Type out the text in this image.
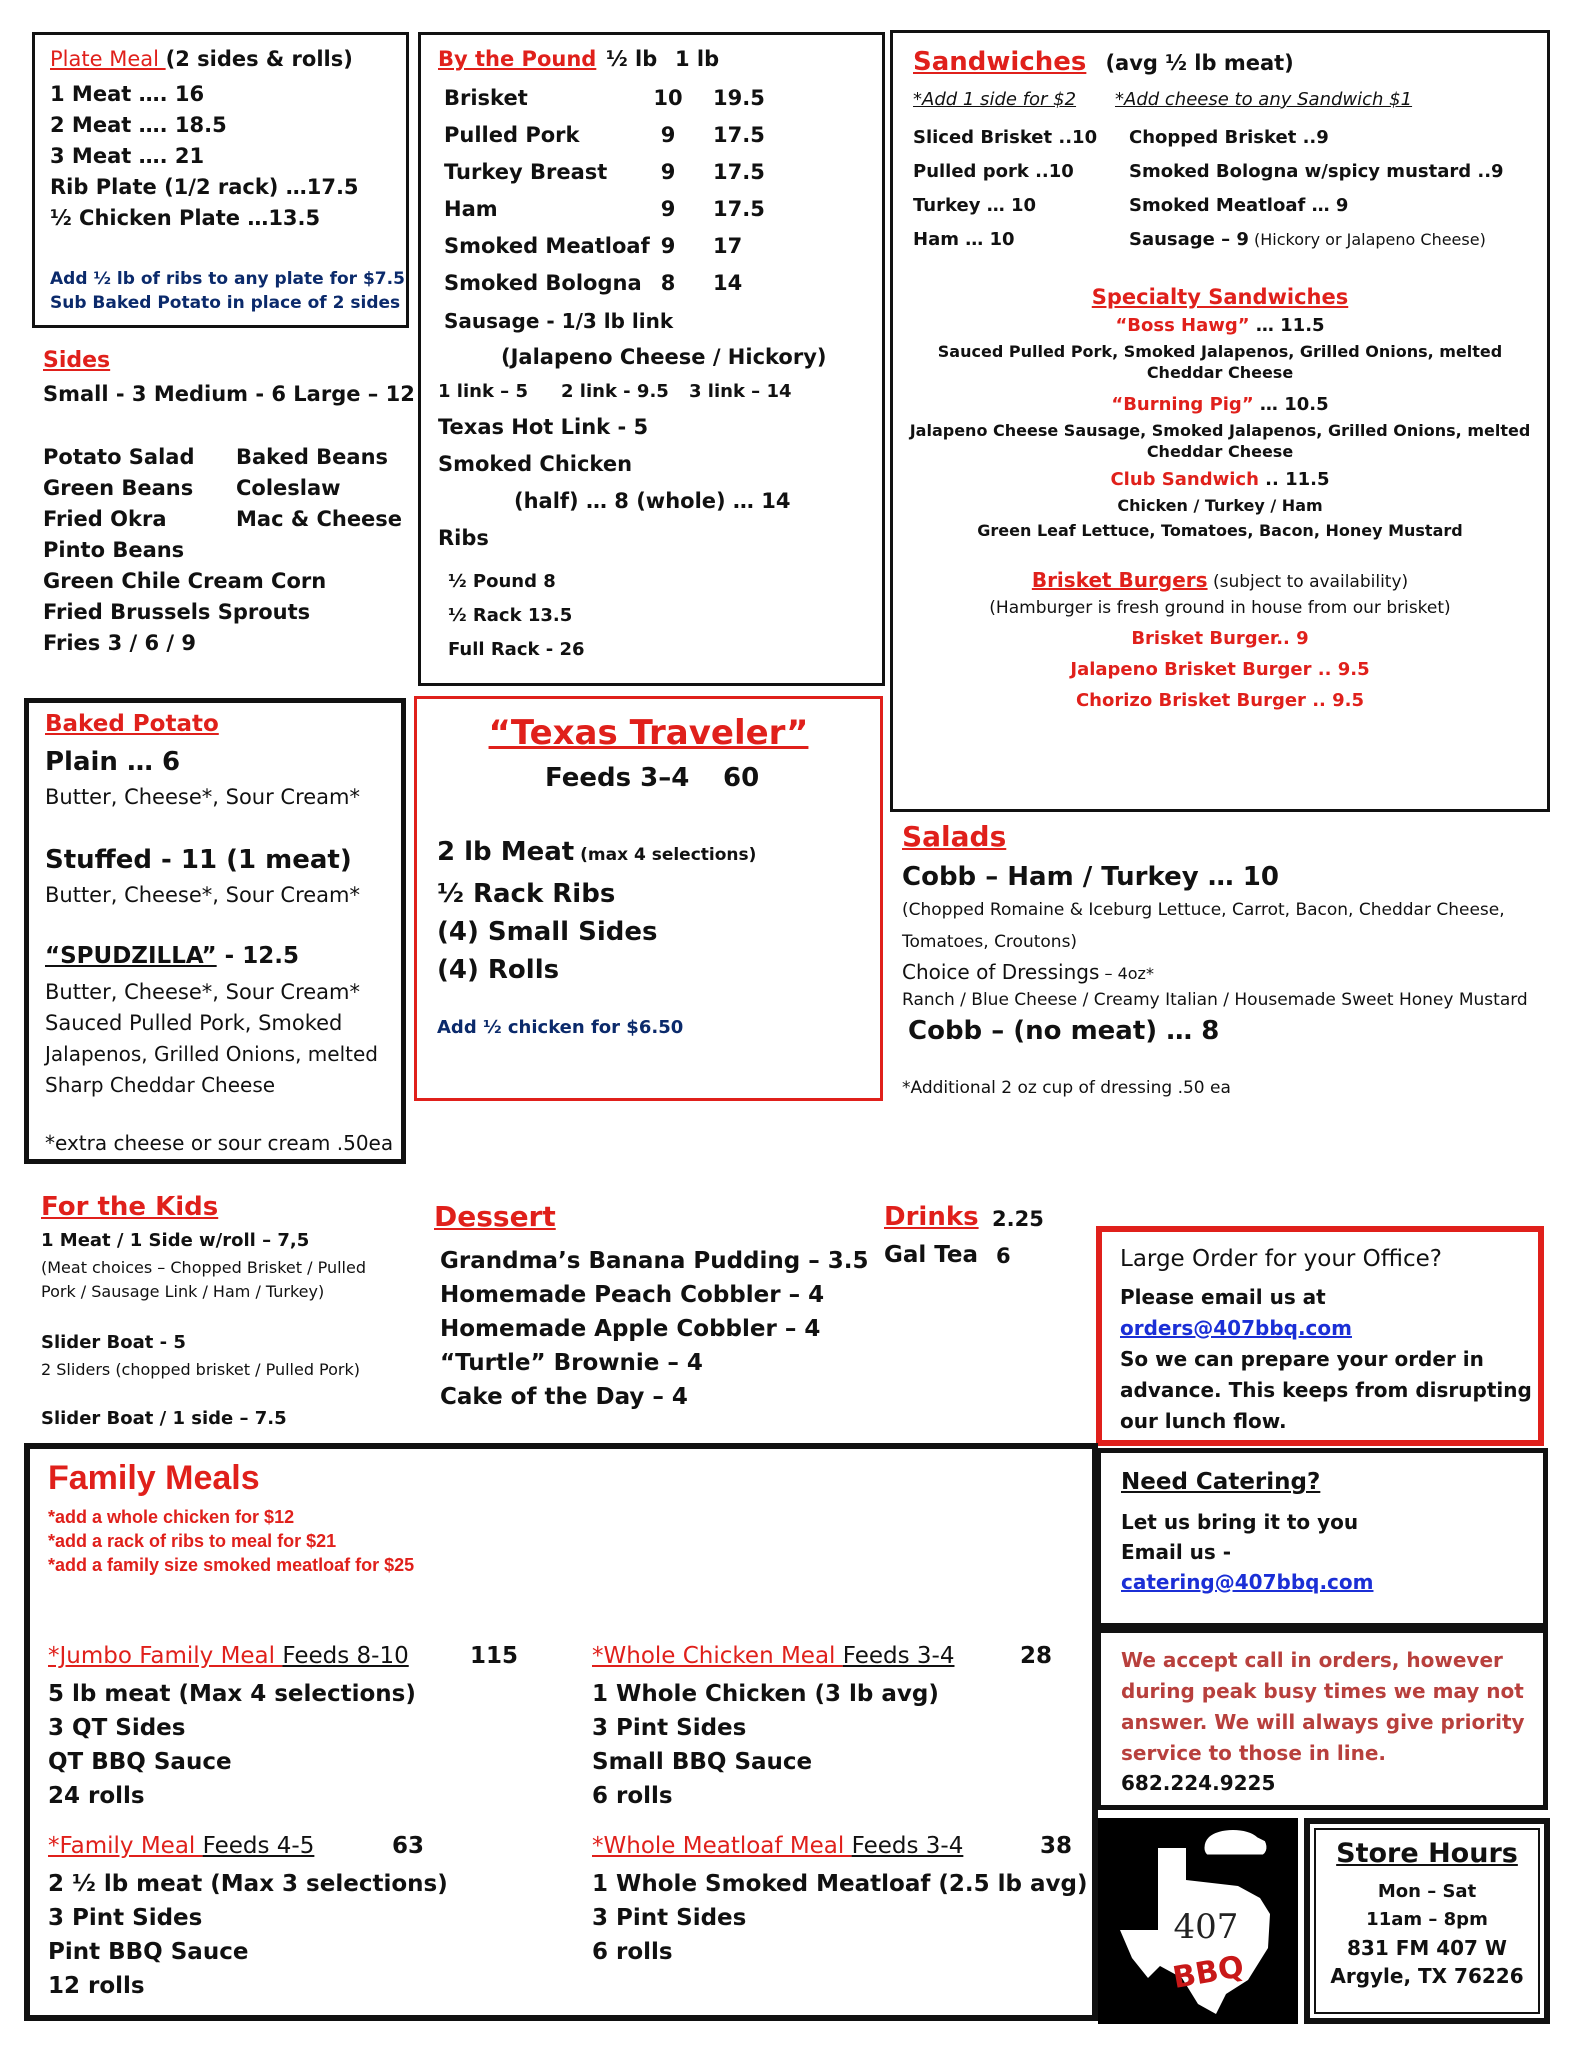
Plate Meal (2 sides & rolls)
1 Meat …. 16
2 Meat …. 18.5
3 Meat …. 21
Rib Plate (1/2 rack) …17.5
½ Chicken Plate …13.5
Add ½ lb of ribs to any plate for $7.5
Sub Baked Potato in place of 2 sides
Sides
Small - 3 Medium - 6 Large – 12
Potato Salad
Green Beans
Fried Okra
Baked Beans
Coleslaw
Mac & Cheese
Pinto Beans
Green Chile Cream Corn
Fried Brussels Sprouts
Fries 3 / 6 / 9
By the Pound ½ lb 1 lb
Brisket	10 19.5
Pulled Pork	9	17.5
Turkey Breast	9	17.5
Ham	9	17.5
Smoked Meatloaf 9	17
Smoked Bologna 8	14
Sausage - 1/3 lb link
(Jalapeno Cheese / Hickory)
1 link – 5 2 link - 9.5 3 link – 14
Texas Hot Link - 5
Smoked Chicken
(half) … 8 (whole) … 14
Ribs
½ Pound 8
½ Rack 13.5
Full Rack - 26
Sandwiches (avg ½ lb meat)
*Add 1 side for $2 *Add cheese to any Sandwich $1
Sliced Brisket ..10
Pulled pork ..10
Turkey … 10
Ham … 10
Chopped Brisket ..9
Smoked Bologna w/spicy mustard ..9
Smoked Meatloaf … 9
Sausage – 9 (Hickory or Jalapeno Cheese)
Specialty Sandwiches
“Boss Hawg” … 11.5
Sauced Pulled Pork, Smoked Jalapenos, Grilled Onions, melted
Cheddar Cheese
“Burning Pig” … 10.5
Jalapeno Cheese Sausage, Smoked Jalapenos, Grilled Onions, melted
Cheddar Cheese
Club Sandwich .. 11.5
Chicken / Turkey / Ham
Green Leaf Lettuce, Tomatoes, Bacon, Honey Mustard
Brisket Burgers (subject to availability)
(Hamburger is fresh ground in house from our brisket)
Brisket Burger.. 9
Jalapeno Brisket Burger .. 9.5
Chorizo Brisket Burger .. 9.5
Baked Potato
Plain … 6
Butter, Cheese*, Sour Cream*
Stuffed - 11 (1 meat)
Butter, Cheese*, Sour Cream*
“SPUDZILLA” - 12.5
Butter, Cheese*, Sour Cream*
Sauced Pulled Pork, Smoked
Jalapenos, Grilled Onions, melted
Sharp Cheddar Cheese
*extra cheese or sour cream .50ea
“Texas Traveler”
Feeds 3–4 60
2 lb Meat (max 4 selections)
½ Rack Ribs
(4) Small Sides
(4) Rolls
Add ½ chicken for $6.50
Salads
Cobb – Ham / Turkey … 10
(Chopped Romaine & Iceburg Lettuce, Carrot, Bacon, Cheddar Cheese,
Tomatoes, Croutons)
Choice of Dressings – 4oz*
Ranch / Blue Cheese / Creamy Italian / Housemade Sweet Honey Mustard
Cobb – (no meat) … 8
*Additional 2 oz cup of dressing .50 ea
For the Kids
1 Meat / 1 Side w/roll – 7,5
(Meat choices – Chopped Brisket / Pulled
Pork / Sausage Link / Ham / Turkey)
Slider Boat - 5
2 Sliders (chopped brisket / Pulled Pork)
Slider Boat / 1 side – 7.5
Dessert
Grandma’s Banana Pudding – 3.5
Homemade Peach Cobbler – 4
Homemade Apple Cobbler – 4
“Turtle” Brownie – 4
Cake of the Day – 4
Drinks 2.25
Gal Tea 6	Large Order for your Office?
Please email us at
orders@407bbq.com
So we can prepare your order in
advance. This keeps from disrupting
our lunch flow.
Family Meals
*add a whole chicken for $12
*add a rack of ribs to meal for $21
*add a family size smoked meatloaf for $25
*Jumbo Family Meal Feeds 8-10	115
5 lb meat (Max 4 selections)
3 QT Sides
QT BBQ Sauce
24 rolls
*Family Meal Feeds 4-5	63
2 ½ lb meat (Max 3 selections)
3 Pint Sides
Pint BBQ Sauce
12 rolls
*Whole Chicken Meal Feeds 3-4	28
1 Whole Chicken (3 lb avg)
3 Pint Sides
Small BBQ Sauce
6 rolls
*Whole Meatloaf Meal Feeds 3-4	38
1 Whole Smoked Meatloaf (2.5 lb avg)
3 Pint Sides
6 rolls
Need Catering?
Let us bring it to you
Email us -
catering@407bbq.com
We accept call in orders, however
during peak busy times we may not
answer. We will always give priority
service to those in line.
682.224.9225
407
BBQ
Store Hours
Mon – Sat
11am – 8pm
831 FM 407 W
Argyle, TX 76226
